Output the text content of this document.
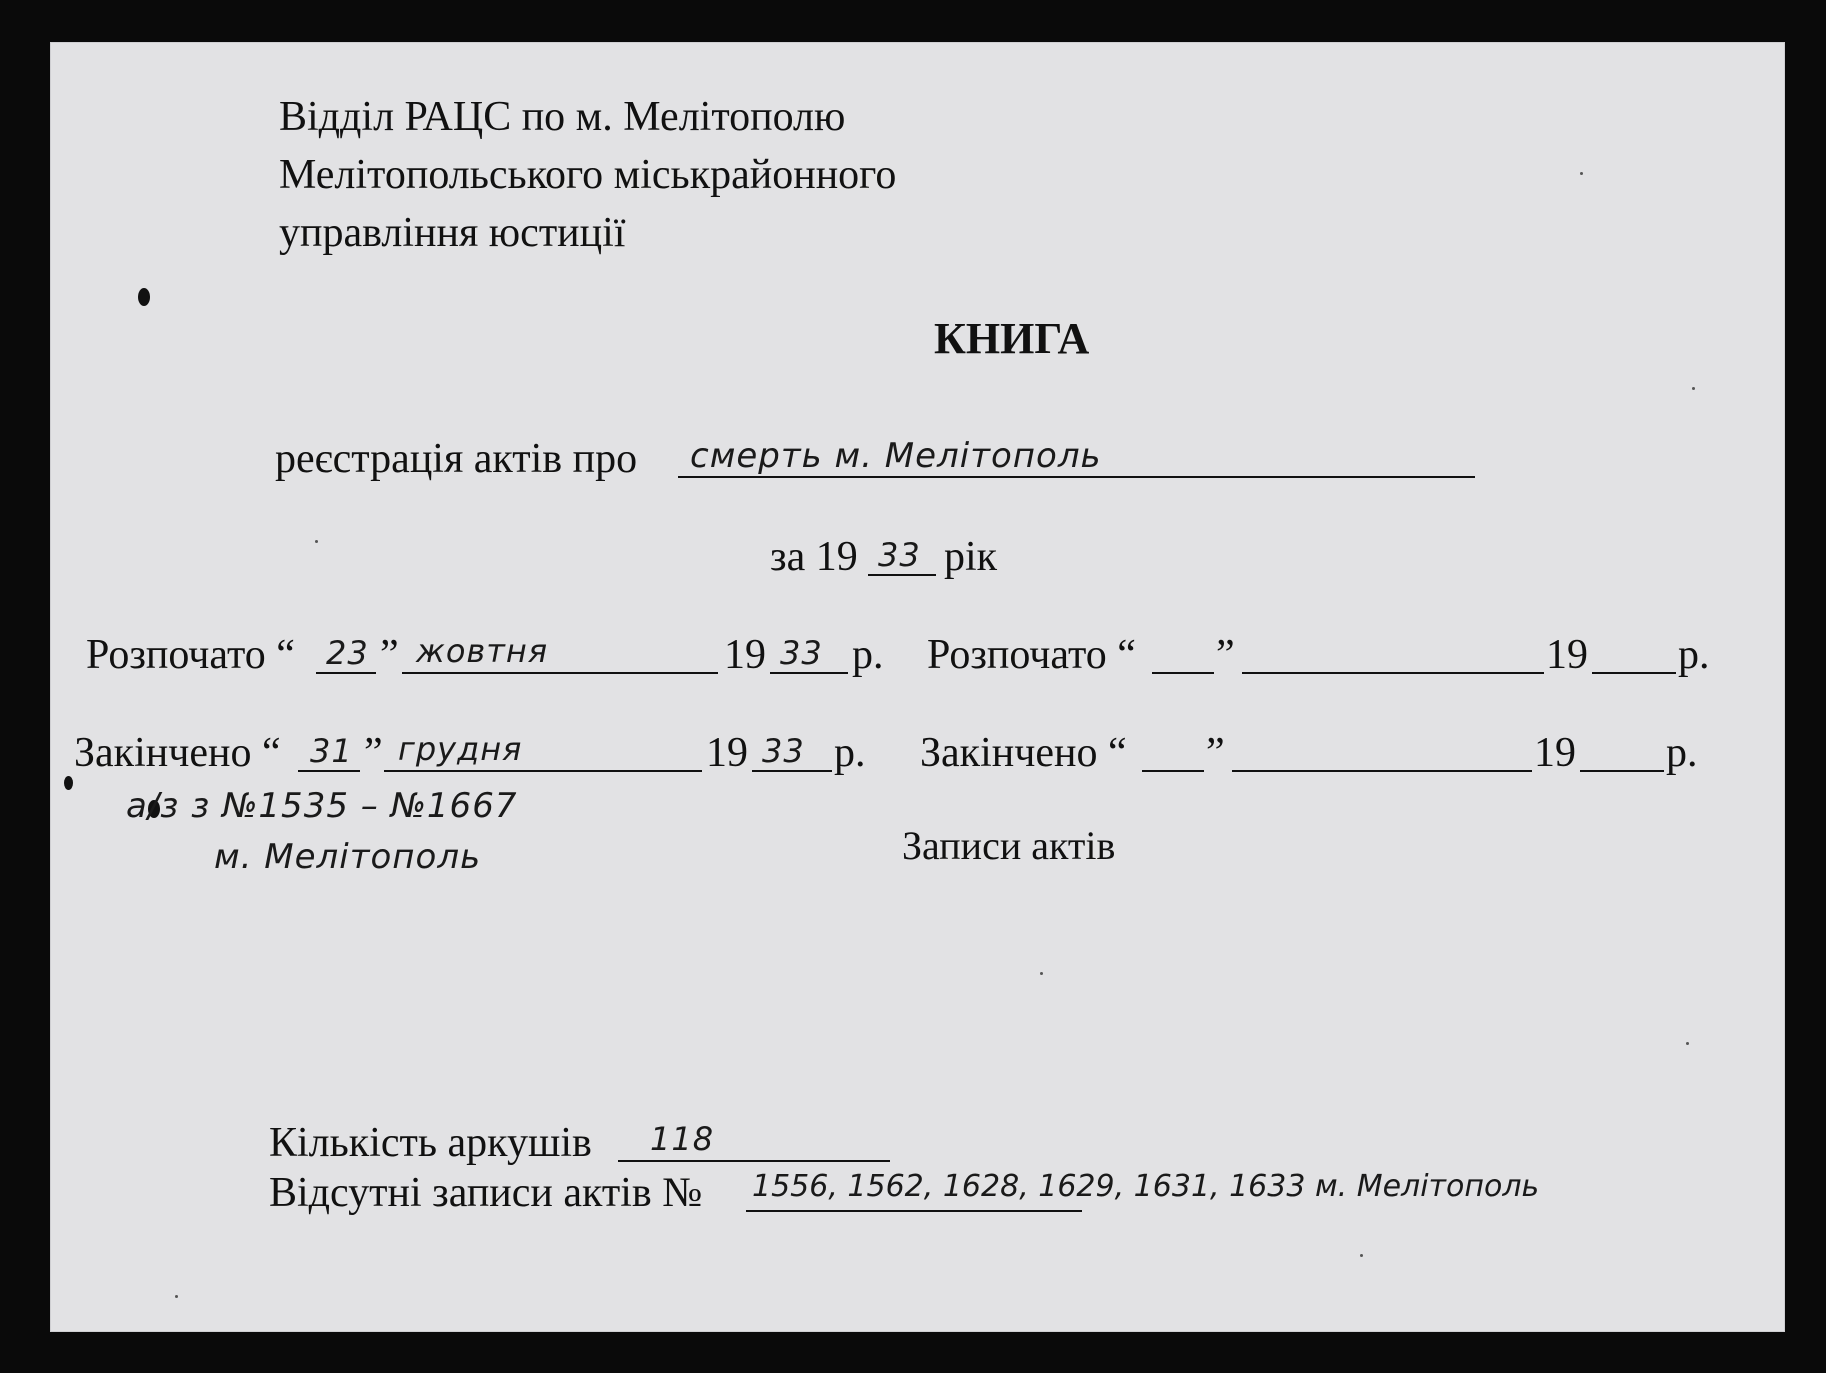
Відділ РАЦС по м. Мелітополю
Мелітопольського міськрайонного
управління юстиції
КНИГА
реєстрація актів про смерть м. Мелітополь
за 19 33 рік
Розпочато “ 23 ” жовтня	19 33 р. Розпочато “ ”	19 р.
Закінчено “ 31 ” грудня	19 33 р. Закінчено “ ”	19 р.
а/з з №1535 – №1667
м. Мелітополь	Записи актів
Кількість аркушів 118
Відсутні записи актів № 1556, 1562, 1628, 1629, 1631, 1633 м. Мелітополь
